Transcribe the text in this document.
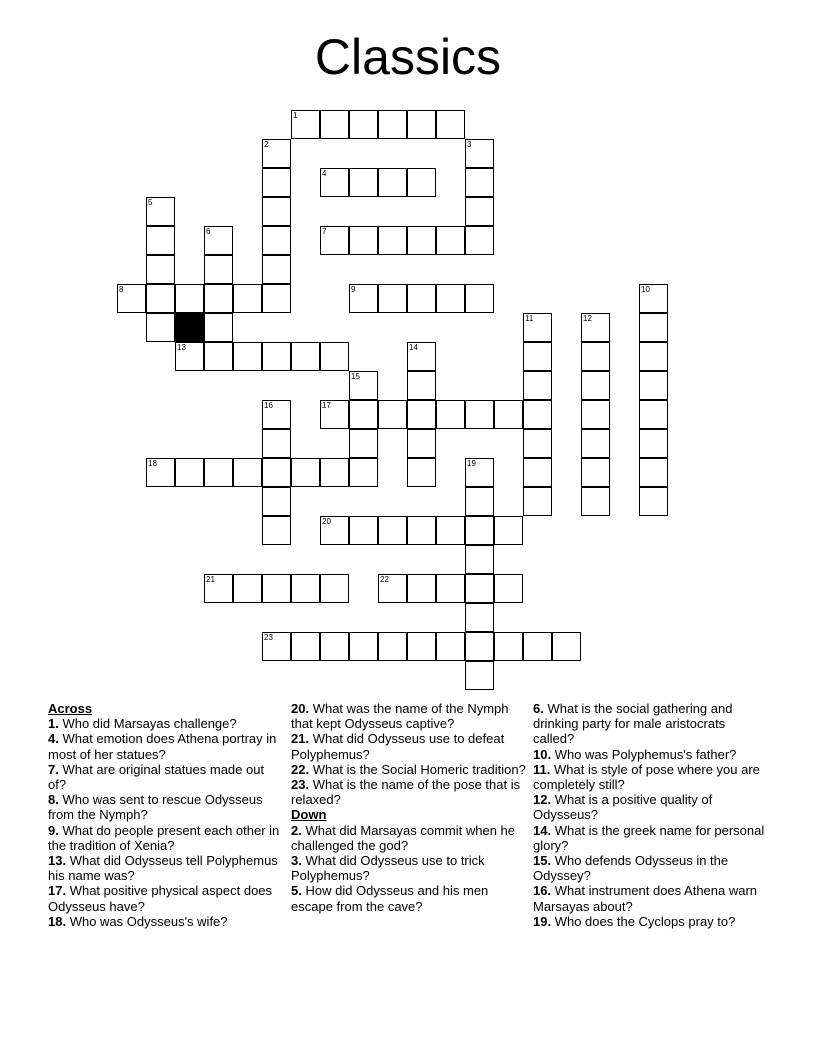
Classics
1
2	3
4
5
6	7
8	9	10
11	12
13	14
15
16	17
18	19
20
21	22
23
Across
1. Who did Marsayas challenge?
4. What emotion does Athena portray in most of her statues?
7. What are original statues made out of?
8. Who was sent to rescue Odysseus from the Nymph?
9. What do people present each other in the tradition of Xenia?
13. What did Odysseus tell Polyphemus his name was?
17. What positive physical aspect does Odysseus have?
18. Who was Odysseus's wife?
20. What was the name of the Nymph that kept Odysseus captive?
21. What did Odysseus use to defeat Polyphemus?
22. What is the Social Homeric tradition?
23. What is the name of the pose that is relaxed?
Down
2. What did Marsayas commit when he challenged the god?
3. What did Odysseus use to trick Polyphemus?
5. How did Odysseus and his men escape from the cave?
6. What is the social gathering and drinking party for male aristocrats called?
10. Who was Polyphemus's father?
11. What is style of pose where you are completely still?
12. What is a positive quality of Odysseus?
14. What is the greek name for personal glory?
15. Who defends Odysseus in the Odyssey?
16. What instrument does Athena warn Marsayas about?
19. Who does the Cyclops pray to?
